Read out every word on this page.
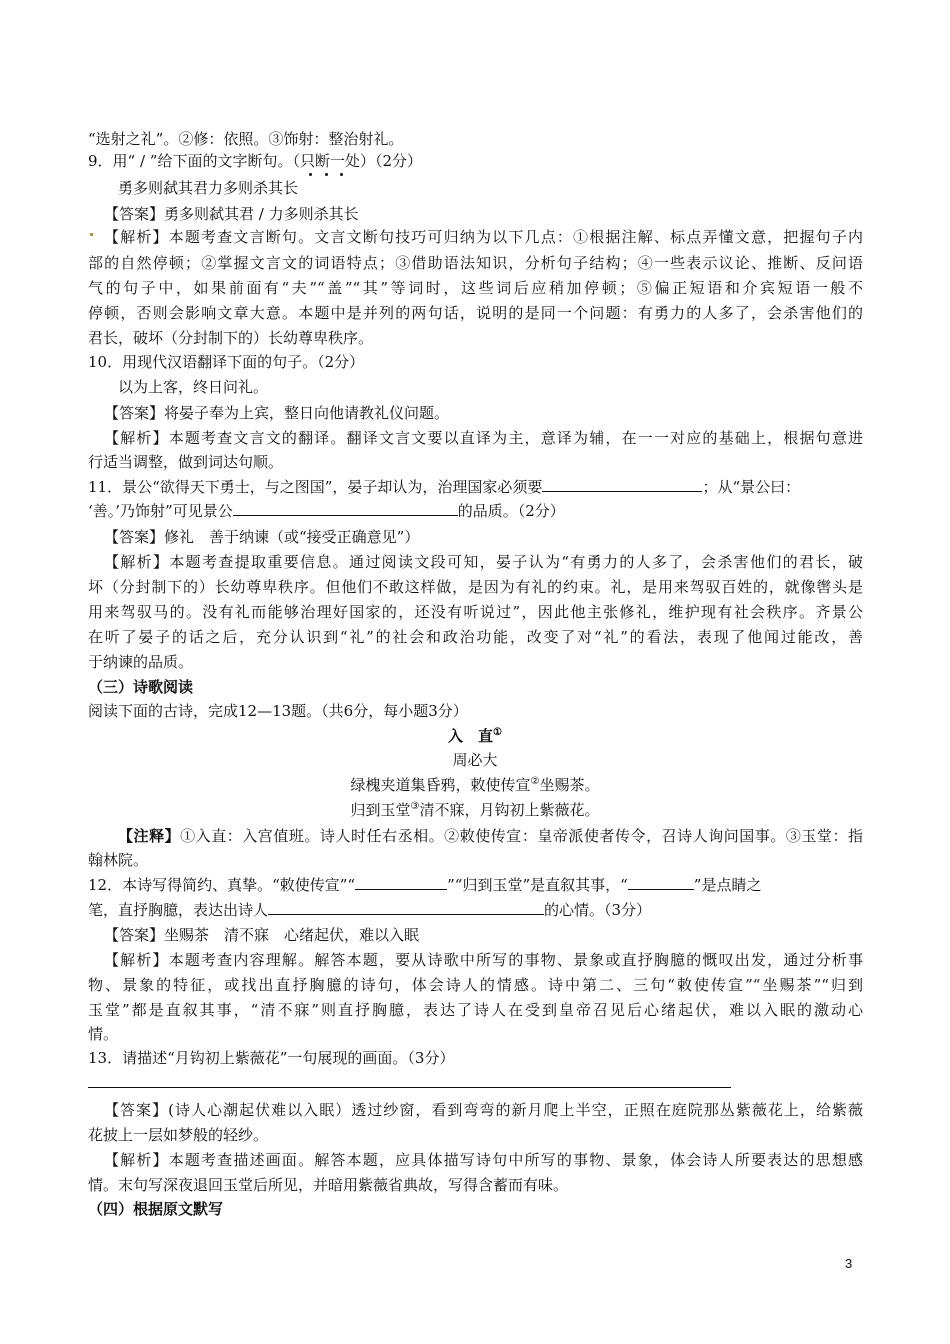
“选射之礼”。②修：依照。③饰射：整治射礼。
9．用“ / ”给下面的文字断句。（只断一处
）（2分）
勇多则弑其君力多则杀其长
【答案】勇多则弑其君 / 力多则杀其长
【解析】本题考查文言断句。文言文断句技巧可归纳为以下几点：①根据注解、标点弄懂文意，把握句子内
部的自然停顿；②掌握文言文的词语特点；③借助语法知识，分析句子结构；④一些表示议论、推断、反问语
气的句子中，如果前面有“夫”“盖”“其”等词时，这些词后应稍加停顿；⑤偏正短语和介宾短语一般不
停顿，否则会影响文章大意。本题中是并列的两句话，说明的是同一个问题：有勇力的人多了，会杀害他们的
君长，破坏（分封制下的）长幼尊卑秩序。
10．用现代汉语翻译下面的句子。（2分）
以为上客，终日问礼。
【答案】将晏子奉为上宾，整日向他请教礼仪问题。
【解析】本题考查文言文的翻译。翻译文言文要以直译为主，意译为辅，在一一对应的基础上，根据句意进
行适当调整，做到词达句顺。
11．景公“欲得天下勇士，与之图国”，晏子却认为，治理国家必须要	；从“景公曰：
‘善。’乃饰射”可见景公	的品质。（2分）
【答案】修礼　善于纳谏（或“接受正确意见”）
【解析】本题考查提取重要信息。通过阅读文段可知，晏子认为“有勇力的人多了，会杀害他们的君长，破
坏（分封制下的）长幼尊卑秩序。但他们不敢这样做，是因为有礼的约束。礼，是用来驾驭百姓的，就像辔头是
用来驾驭马的。没有礼而能够治理好国家的，还没有听说过”，因此他主张修礼，维护现有社会秩序。齐景公
在听了晏子的话之后，充分认识到“礼”的社会和政治功能，改变了对“礼”的看法，表现了他闻过能改，善
于纳谏的品质。
（三）诗歌阅读
阅读下面的古诗，完成12—13题。（共6分，每小题3分）
入　直①
周必大
绿槐夹道集昏鸦，敕使传宣②坐赐茶。
归到玉堂③清不寐，月钩初上紫薇花。
【注释】①入直：入宫值班。诗人时任右丞相。②敕使传宣：皇帝派使者传令，召诗人询问国事。③玉堂：指
翰林院。
12．本诗写得简约、真挚。“敕使传宣”“	”“归到玉堂”是直叙其事，“	”是点睛之
笔，直抒胸臆，表达出诗人	的心情。（3分）
【答案】坐赐茶　清不寐　心绪起伏，难以入眠
【解析】本题考查内容理解。解答本题，要从诗歌中所写的事物、景象或直抒胸臆的慨叹出发，通过分析事
物、景象的特征，或找出直抒胸臆的诗句，体会诗人的情感。诗中第二、三句“敕使传宣”“坐赐茶”“归到
玉堂”都是直叙其事，“清不寐”则直抒胸臆，表达了诗人在受到皇帝召见后心绪起伏，难以入眠的激动心
情。
13．请描述“月钩初上紫薇花”一句展现的画面。（3分）
【答案】(诗人心潮起伏难以入眠）透过纱窗，看到弯弯的新月爬上半空，正照在庭院那丛紫薇花上，给紫薇
花披上一层如梦般的轻纱。
【解析】本题考查描述画面。解答本题，应具体描写诗句中所写的事物、景象，体会诗人所要表达的思想感
情。末句写深夜退回玉堂后所见，并暗用紫薇省典故，写得含蓄而有味。
（四）根据原文默写
3
